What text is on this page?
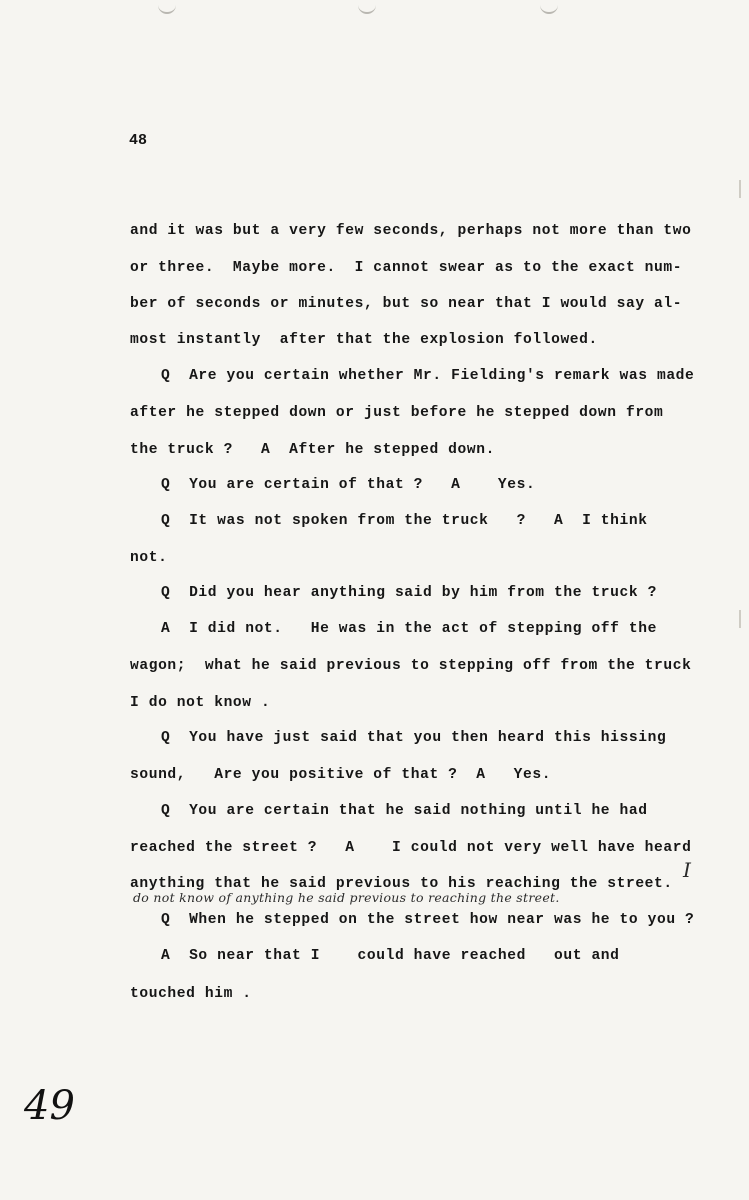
48
and it was but a very few seconds, perhaps not more than two
or three.  Maybe more.  I cannot swear as to the exact num-
ber of seconds or minutes, but so near that I would say al-
most instantly  after that the explosion followed.
Q  Are you certain whether Mr. Fielding's remark was made
after he stepped down or just before he stepped down from
the truck ?   A  After he stepped down.
Q  You are certain of that ?   A    Yes.
Q  It was not spoken from the truck   ?   A  I think
not.
Q  Did you hear anything said by him from the truck ?
A  I did not.   He was in the act of stepping off the
wagon;  what he said previous to stepping off from the truck
I do not know .
Q  You have just said that you then heard this hissing
sound,   Are you positive of that ?  A   Yes.
Q  You are certain that he said nothing until he had
reached the street ?   A    I could not very well have heard
anything that he said previous to his reaching the street.
I
do not know of anything he said previous to reaching the street.
Q  When he stepped on the street how near was he to you ?
A  So near that I    could have reached   out and
touched him .
49
